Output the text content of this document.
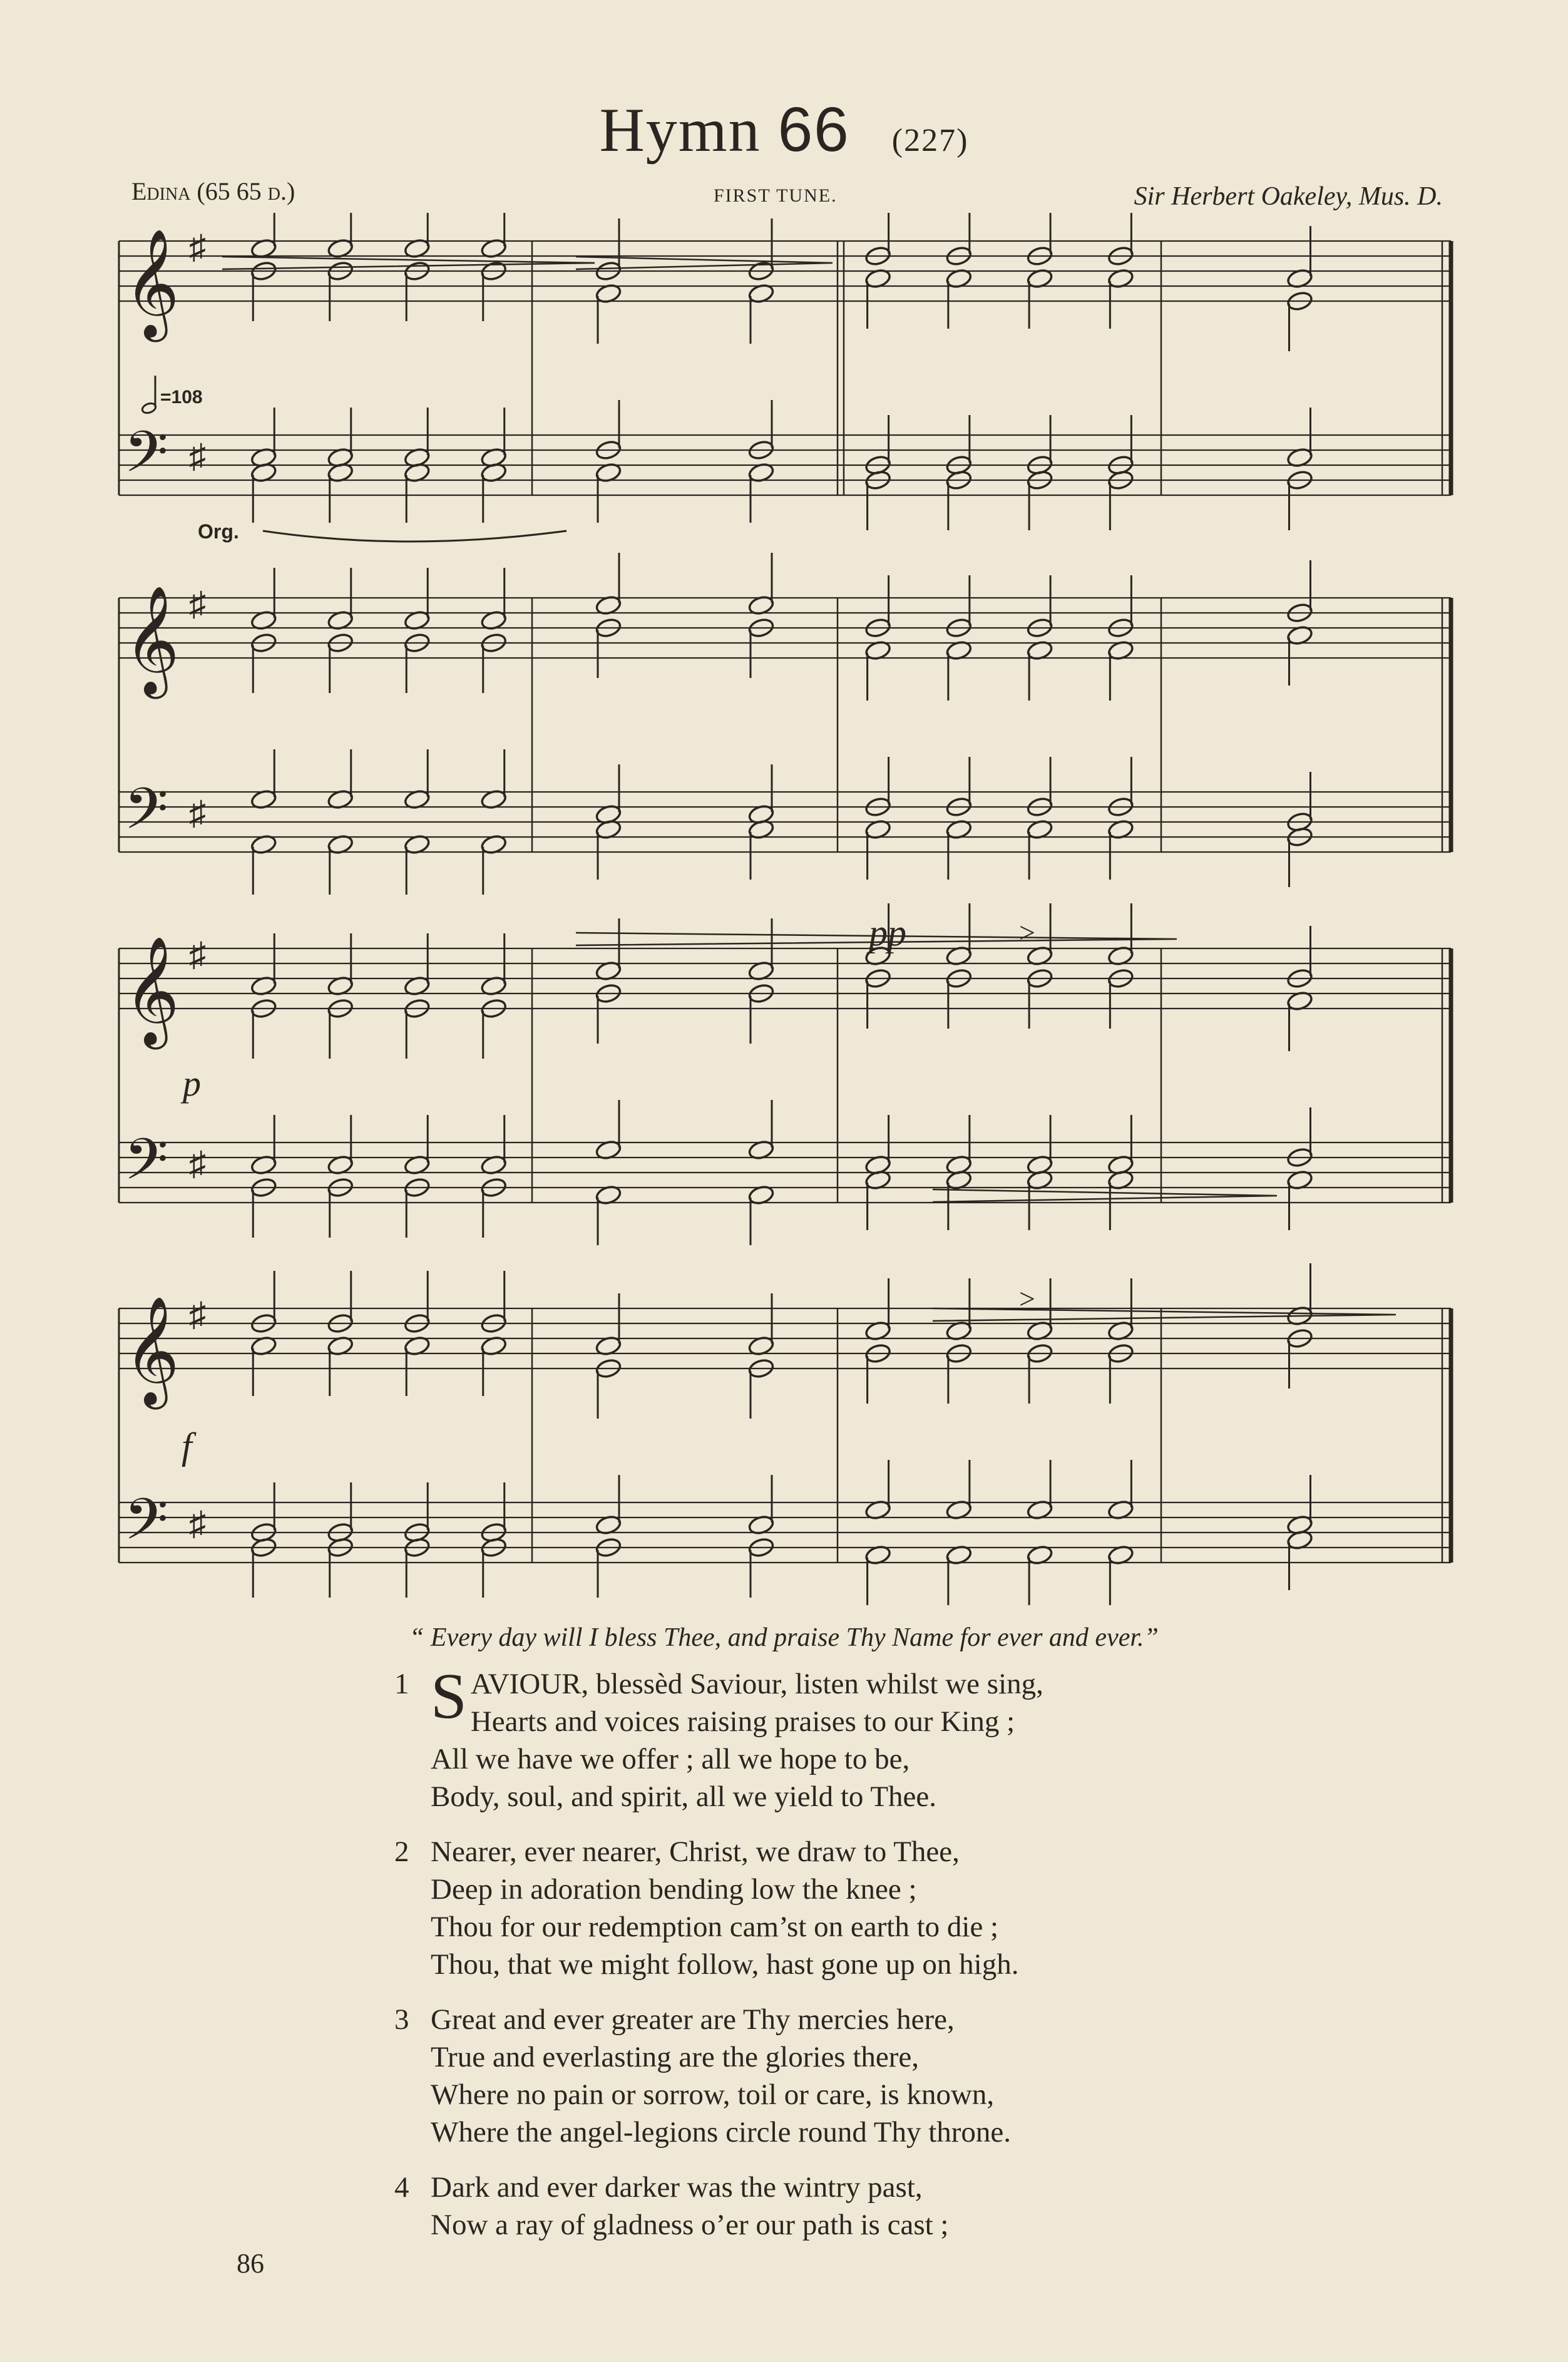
Hymn 66 (227)
Edina (65 65 d.)	FIRST TUNE.	Sir Herbert Oakeley, Mus. D.
𝄞
𝄢
♯
♯
𝄞
𝄢
♯
♯
𝄞
𝄢
♯
♯
𝄞
𝄢
♯
♯
>
>
=108
Org.
p
pp
f
“ Every day will I bless Thee, and praise Thy Name for ever and ever.”
1 S AVIOUR, blessèd Saviour, listen whilst we sing,
Hearts and voices raising praises to our King ;
All we have we offer ; all we hope to be,
Body, soul, and spirit, all we yield to Thee.
2 Nearer, ever nearer, Christ, we draw to Thee,
Deep in adoration bending low the knee ;
Thou for our redemption cam’st on earth to die ;
Thou, that we might follow, hast gone up on high.
3 Great and ever greater are Thy mercies here,
True and everlasting are the glories there,
Where no pain or sorrow, toil or care, is known,
Where the angel-legions circle round Thy throne.
4 Dark and ever darker was the wintry past,
Now a ray of gladness o’er our path is cast ;
86
